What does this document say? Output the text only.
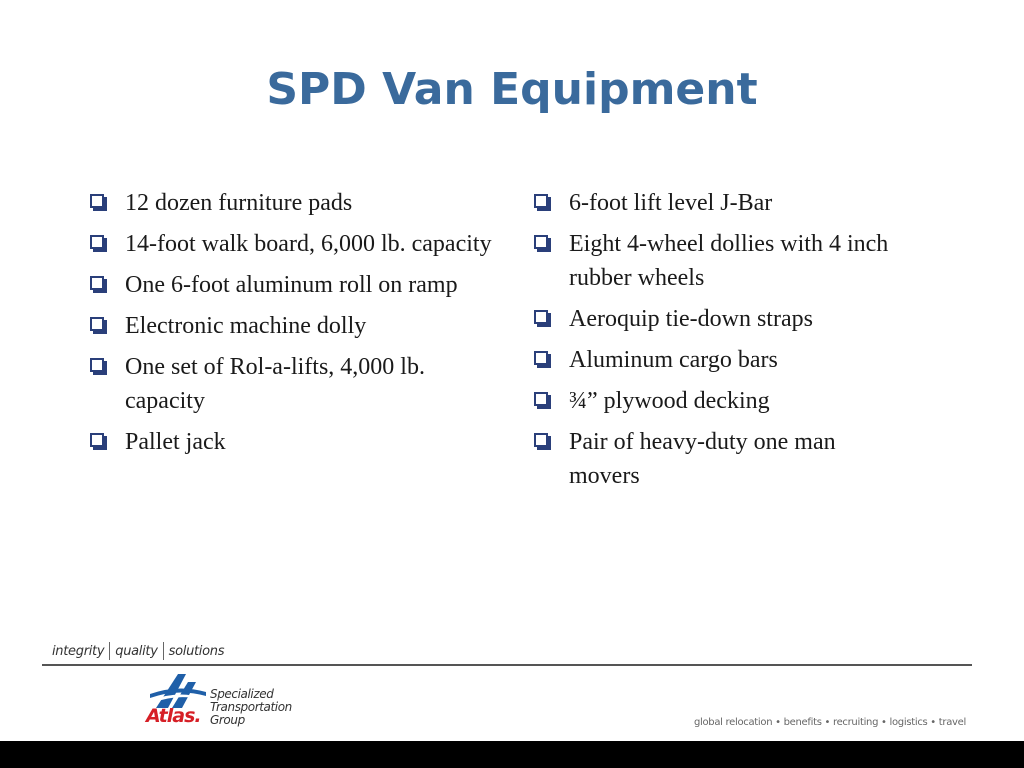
SPD Van Equipment
12 dozen furniture pads
14-foot walk board, 6,000 lb. capacity
One 6-foot aluminum roll on ramp
Electronic machine dolly
One set of Rol-a-lifts, 4,000 lb. capacity
Pallet jack
6-foot lift level J-Bar
Eight 4-wheel dollies with 4 inch rubber wheels
Aeroquip tie-down straps
Aluminum cargo bars
¾” plywood decking
Pair of heavy-duty one man movers
integrity quality solutions
Atlas.
Specialized
Transportation
Group	global relocation • benefits • recruiting • logistics • travel
